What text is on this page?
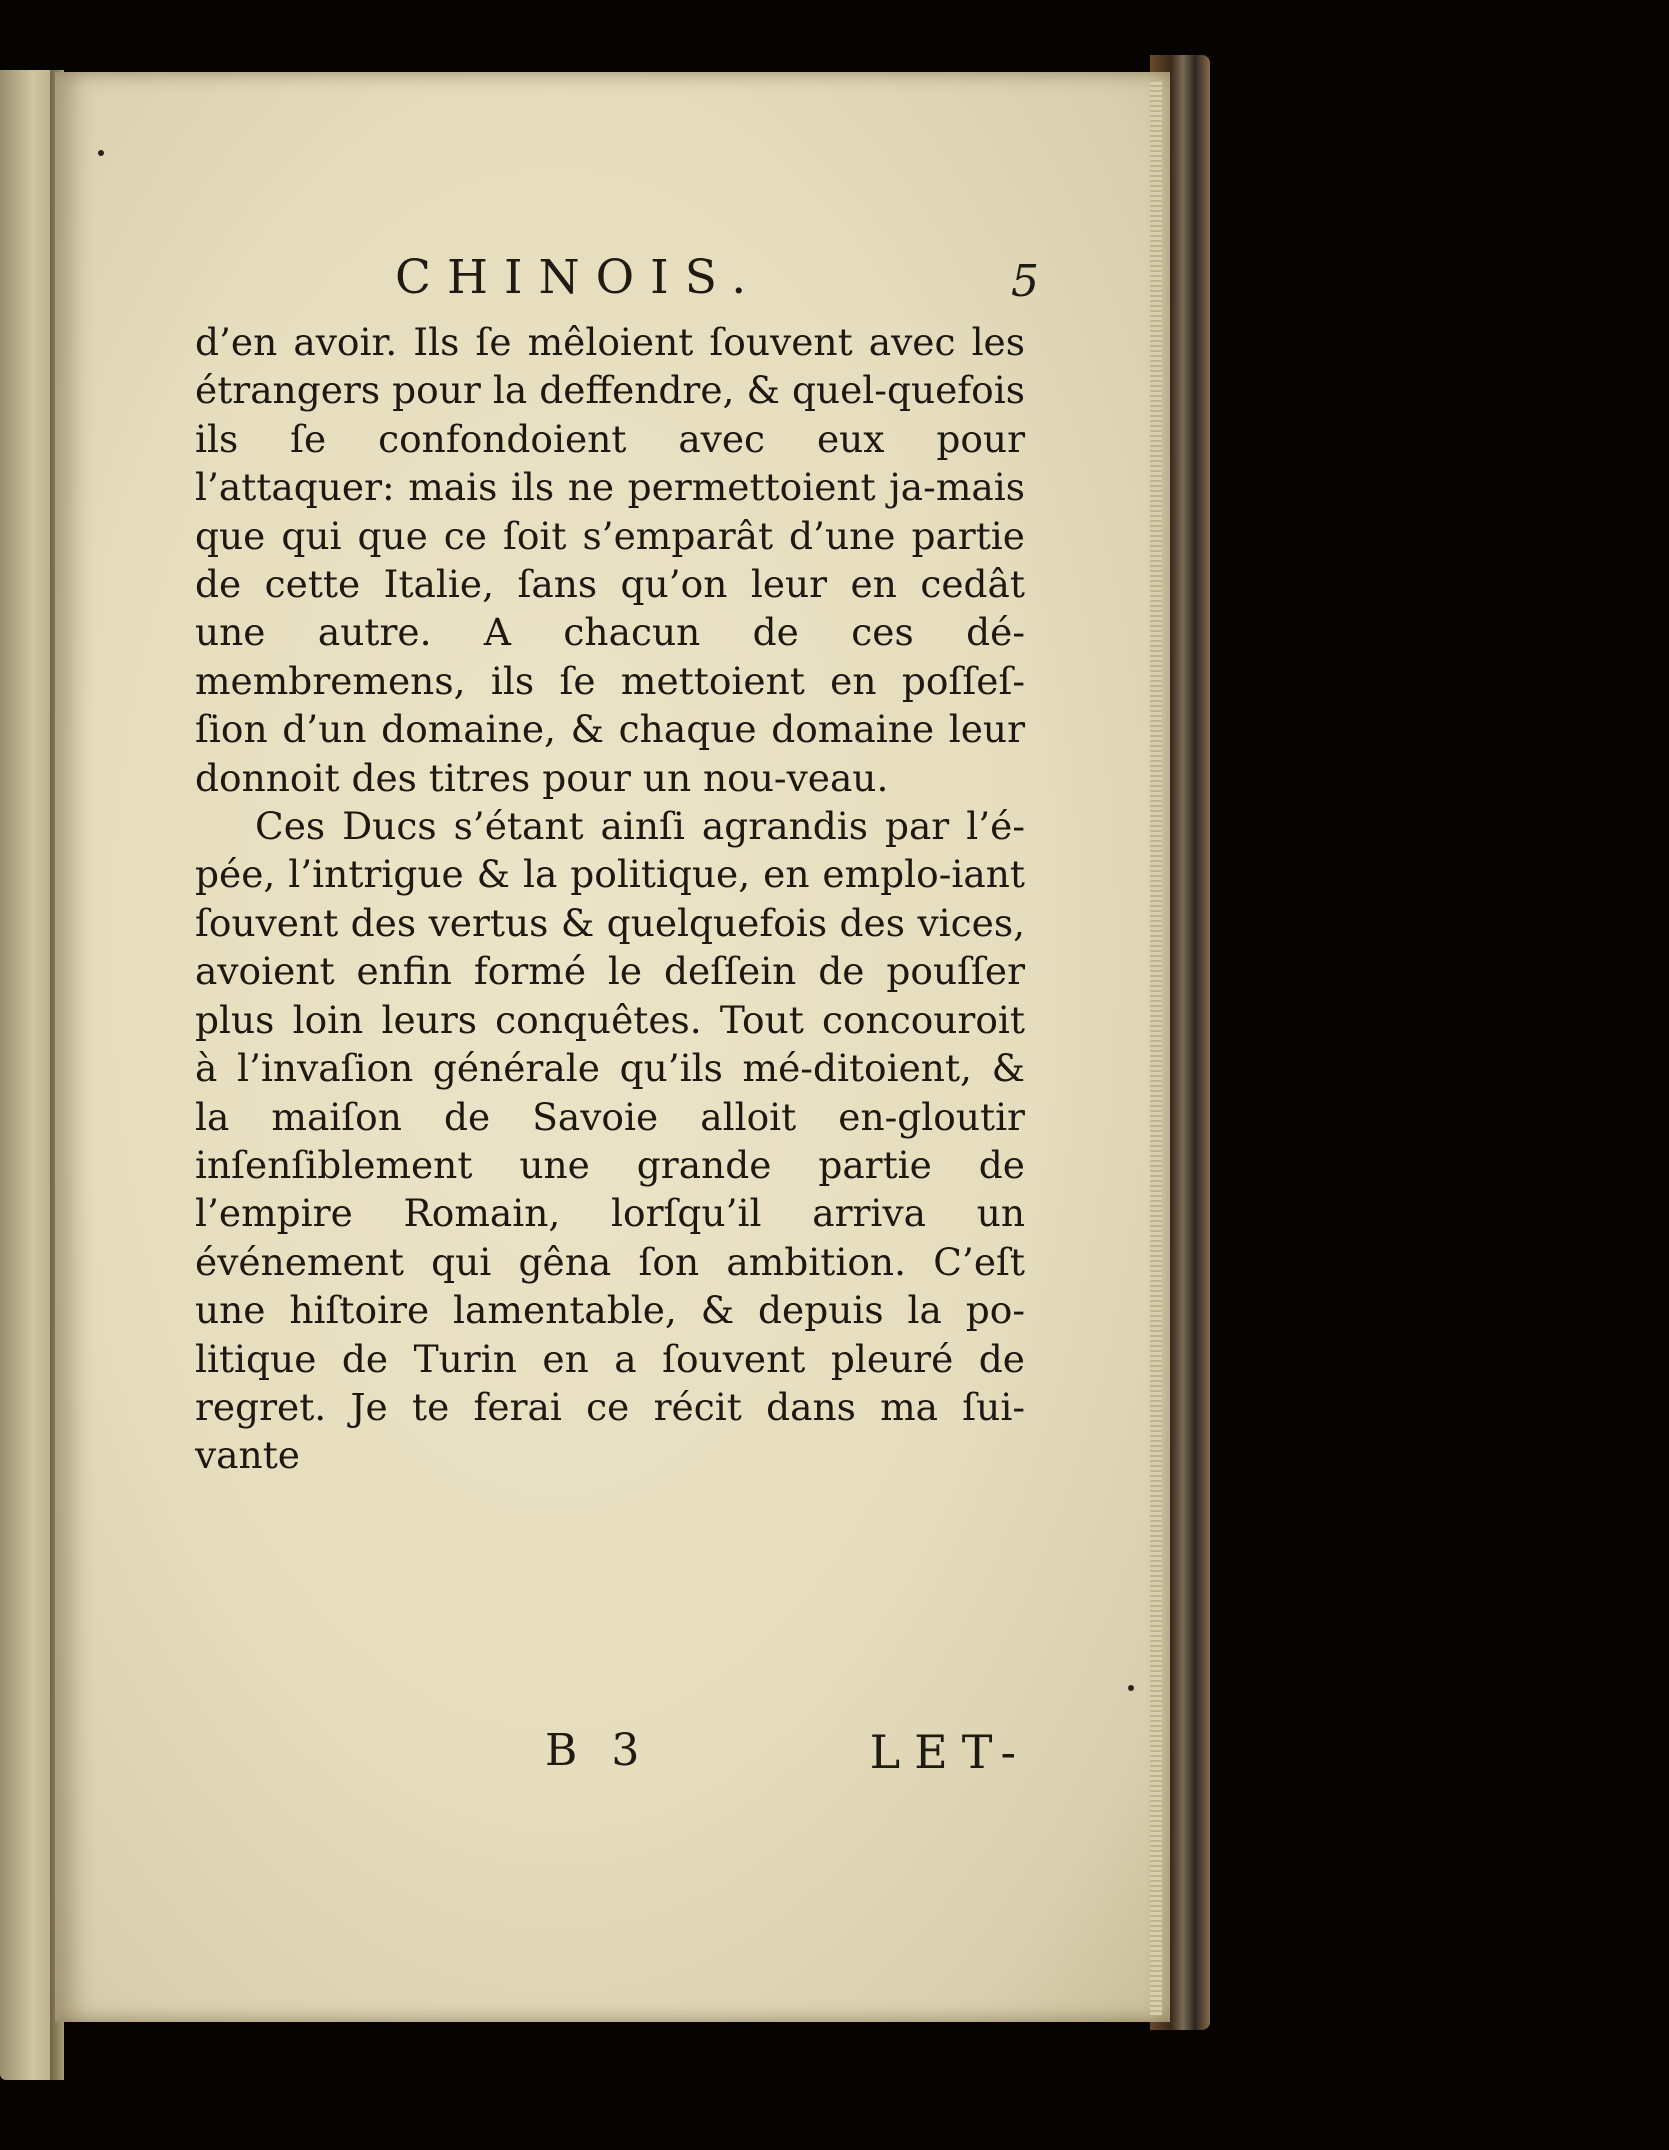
CHINOIS.	5

d’en avoir. Ils ſe mêloient ſouvent avec les étrangers pour la deffendre, & quel-quefois ils ſe confondoient avec eux pour l’attaquer: mais ils ne permettoient ja-mais que qui que ce ſoit s’emparât d’une partie de cette Italie, ſans qu’on leur en cedât une autre. A chacun de ces dé-membremens, ils ſe mettoient en poſſeſ-ſion d’un domaine, & chaque domaine leur donnoit des titres pour un nou-veau.

Ces Ducs s’étant ainſi agrandis par l’é-pée, l’intrigue & la politique, en emplo-iant ſouvent des vertus & quelquefois des vices, avoient enfin formé le deſſein de pouſſer plus loin leurs conquêtes. Tout concouroit à l’invaſion générale qu’ils mé-ditoient, & la maiſon de Savoie alloit en-gloutir inſenſiblement une grande partie de l’empire Romain, lorſqu’il arriva un événement qui gêna ſon ambition. C’eſt une hiſtoire lamentable, & depuis la po-litique de Turin en a ſouvent pleuré de regret. Je te ferai ce récit dans ma ſui-vante

B 3	LET-
